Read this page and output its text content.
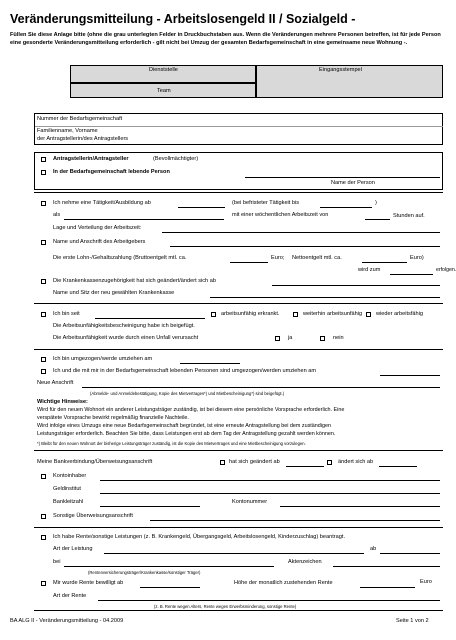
Veränderungsmitteilung - Arbeitslosengeld II / Sozialgeld -
Füllen Sie diese Anlage bitte (ohne die grau unterlegten Felder in Druckbuchstaben aus. Wenn die Veränderungen mehrere Personen betreffen, ist für jede Person eine gesonderte Veränderungsmitteilung erforderlich - gilt nicht bei Umzug der gesamten Bedarfsgemeinschaft in eine gemeinsame neue Wohnung -.
Dienststelle
Team
Eingangsstempel
Nummer der Bedarfsgemeinschaft
Familienname, Vorname
der Antragstellerin/des Antragstellers
Antragstellerin/Antragsteller	(Bevollmächtigter)
In der Bedarfsgemeinschaft lebende Person
Name der Person
Ich nehme eine Tätigkeit/Ausbildung ab	(bei befristeter Tätigkeit bis	)
als	mit einer wöchentlichen Arbeitszeit von	Stunden auf.
Lage und Verteilung der Arbeitszeit:
Name und Anschrift des Arbeitgebers
Die erste Lohn-/Gehaltszahlung (Bruttoentgelt mtl. ca.	Euro; Nettoentgelt mtl. ca.	Euro)
wird zum	erfolgen.
Die Krankenkassenzugehörigkeit hat sich geändert/ändert sich ab
Name und Sitz der neu gewählten Krankenkasse
Ich bin seit	arbeitsunfähig erkrankt.	weiterhin arbeitsunfähig wieder arbeitsfähig
Die Arbeitsunfähigkeitsbescheinigung habe ich beigefügt.
Die Arbeitsunfähigkeit wurde durch einen Unfall verursacht	ja	nein
Ich bin umgezogen/werde umziehen am
Ich und die mit mir in der Bedarfsgemeinschaft lebenden Personen sind umgezogen/werden umziehen am
Neue Anschrift
(Abmelde- und Anmeldebestätigung, Kopie des Mietvertrages*) und Mietbescheinigung*) sind beigefügt.)
Wichtige Hinweise:
Wird für den neuen Wohnort ein anderer Leistungsträger zuständig, ist bei diesem eine persönliche Vorsprache erforderlich. Eine
verspätete Vorsprache bewirkt regelmäßig finanzielle Nachteile.
Wird infolge eines Umzugs eine neue Bedarfsgemeinschaft begründet, ist eine erneute Antragstellung bei dem zuständigen
Leistungsträger erforderlich. Beachten Sie bitte, dass Leistungen erst ab dem Tag der Antragstellung gezahlt werden können.
*) Bleibt für den neuen Wohnort der bisherige Leistungsträger zuständig, ist die Kopie des Mietvertrages und eine Mietbescheinigung vorzulegen.
Meine Bankverbindung/Überweisungsanschrift	hat sich geändert ab	ändert sich ab
Kontoinhaber
Geldinstitut
Bankleitzahl	Kontonummer
Sonstige Überweisungsanschrift
Ich habe Rente/sonstige Leistungen (z. B. Krankengeld, Übergangsgeld, Arbeitslosengeld, Kinderzuschlag) beantragt.
Art der Leistung	ab
bei	Aktenzeichen
(Rentenversicherungsträger/Krankenkasse/sonstiger Träger)
Mir wurde Rente bewilligt ab	Höhe der monatlich zustehenden Rente	Euro
Art der Rente
(z. B. Rente wegen Alters, Rente wegen Erwerbsminderung, sonstige Rente)
BA ALG II - Veränderungsmitteilung - 04.2009	Seite 1 von 2
